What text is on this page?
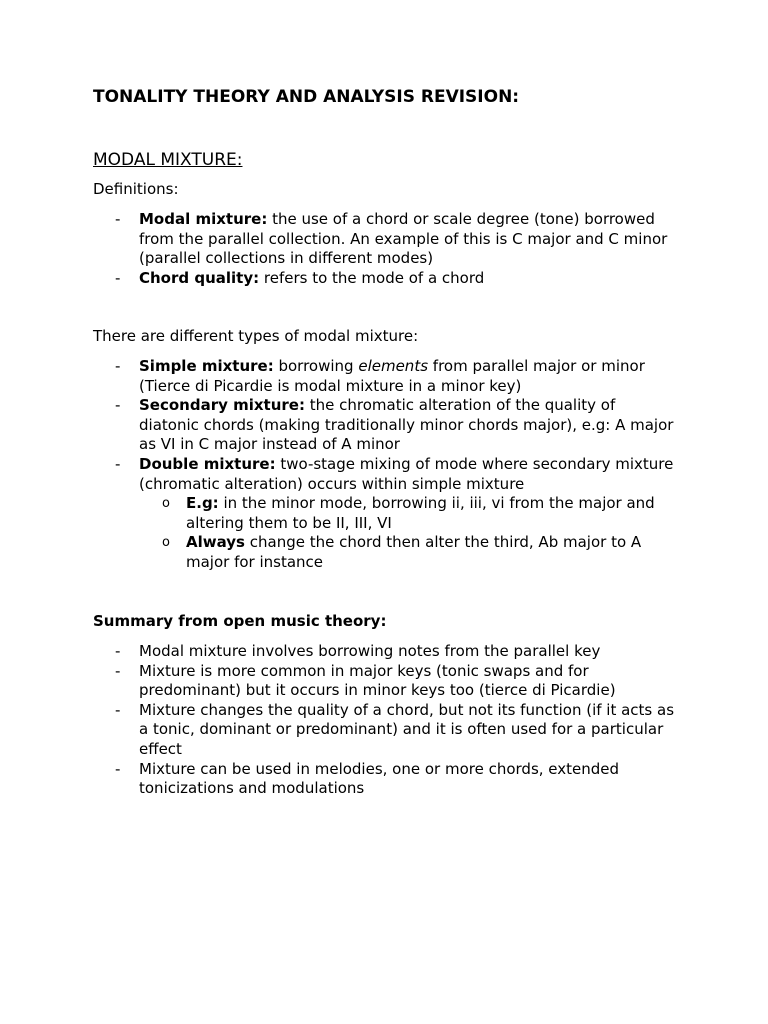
TONALITY THEORY AND ANALYSIS REVISION:
MODAL MIXTURE:

Definitions:

- Modal mixture: the use of a chord or scale degree (tone) borrowed from the parallel collection. An example of this is C major and C minor (parallel collections in different modes)
- Chord quality: refers to the mode of a chord

There are different types of modal mixture:

- Simple mixture: borrowing elements from parallel major or minor (Tierce di Picardie is modal mixture in a minor key)
- Secondary mixture: the chromatic alteration of the quality of diatonic chords (making traditionally minor chords major), e.g: A major as VI in C major instead of A minor
- Double mixture: two-stage mixing of mode where secondary mixture (chromatic alteration) occurs within simple mixture
o E.g: in the minor mode, borrowing ii, iii, vi from the major and altering them to be II, III, VI
o Always change the chord then alter the third, Ab major to A major for instance

Summary from open music theory:

- Modal mixture involves borrowing notes from the parallel key
- Mixture is more common in major keys (tonic swaps and for predominant) but it occurs in minor keys too (tierce di Picardie)
- Mixture changes the quality of a chord, but not its function (if it acts as a tonic, dominant or predominant) and it is often used for a particular effect
- Mixture can be used in melodies, one or more chords, extended tonicizations and modulations
